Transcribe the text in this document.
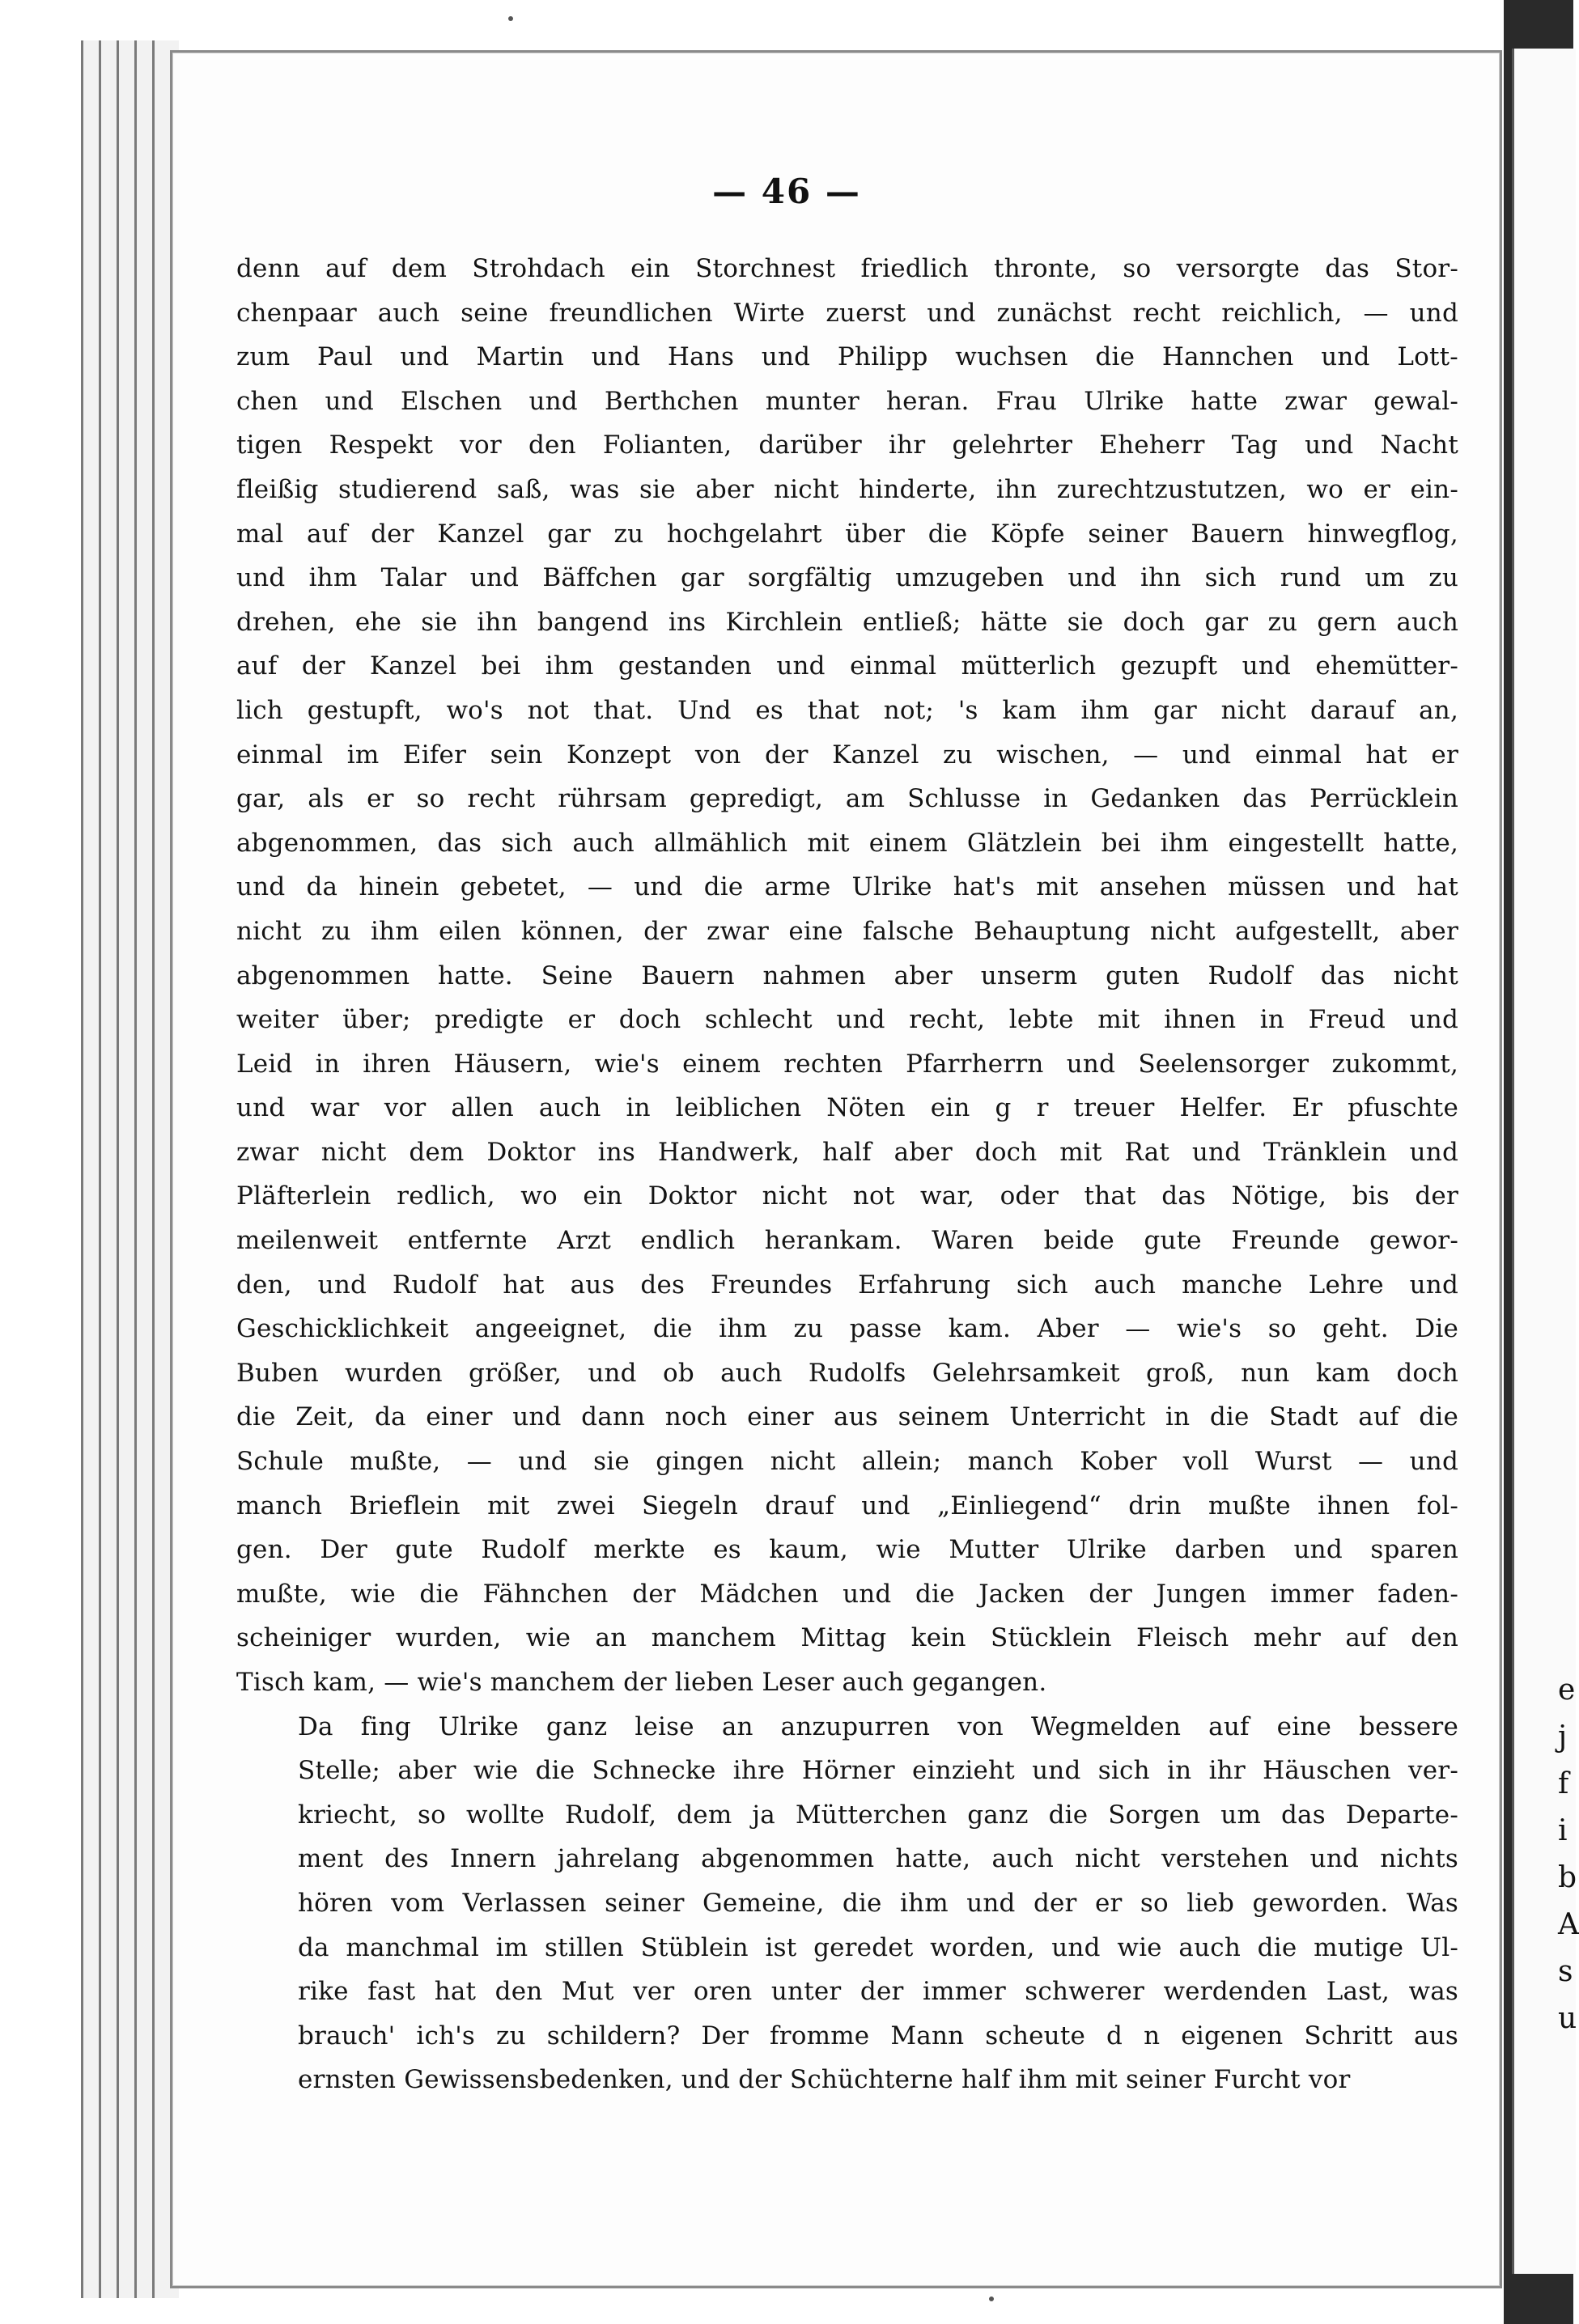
e
j
f
i
b
A
s
u
— 46 —
denn auf dem Strohdach ein Storchnest friedlich thronte, so versorgte das Stor-
chenpaar auch seine freundlichen Wirte zuerst und zunächst recht reichlich, — und
zum Paul und Martin und Hans und Philipp wuchsen die Hannchen und Lott-
chen und Elschen und Berthchen munter heran. Frau Ulrike hatte zwar gewal-
tigen Respekt vor den Folianten, darüber ihr gelehrter Eheherr Tag und Nacht
fleißig studierend saß, was sie aber nicht hinderte, ihn zurechtzustutzen, wo er ein-
mal auf der Kanzel gar zu hochgelahrt über die Köpfe seiner Bauern hinwegflog,
und ihm Talar und Bäffchen gar sorgfältig umzugeben und ihn sich rund um zu
drehen, ehe sie ihn bangend ins Kirchlein entließ; hätte sie doch gar zu gern auch
auf der Kanzel bei ihm gestanden und einmal mütterlich gezupft und ehemütter-
lich gestupft, wo's not that. Und es that not; 's kam ihm gar nicht darauf an,
einmal im Eifer sein Konzept von der Kanzel zu wischen, — und einmal hat er
gar, als er so recht rührsam gepredigt, am Schlusse in Gedanken das Perrücklein
abgenommen, das sich auch allmählich mit einem Glätzlein bei ihm eingestellt hatte,
und da hinein gebetet, — und die arme Ulrike hat's mit ansehen müssen und hat
nicht zu ihm eilen können, der zwar eine falsche Behauptung nicht aufgestellt, aber
abgenommen hatte. Seine Bauern nahmen aber unserm guten Rudolf das nicht
weiter über; predigte er doch schlecht und recht, lebte mit ihnen in Freud und
Leid in ihren Häusern, wie's einem rechten Pfarrherrn und Seelensorger zukommt,
und war vor allen auch in leiblichen Nöten ein g r treuer Helfer. Er pfuschte
zwar nicht dem Doktor ins Handwerk, half aber doch mit Rat und Tränklein und
Pläfterlein redlich, wo ein Doktor nicht not war, oder that das Nötige, bis der
meilenweit entfernte Arzt endlich herankam. Waren beide gute Freunde gewor-
den, und Rudolf hat aus des Freundes Erfahrung sich auch manche Lehre und
Geschicklichkeit angeeignet, die ihm zu passe kam. Aber — wie's so geht. Die
Buben wurden größer, und ob auch Rudolfs Gelehrsamkeit groß, nun kam doch
die Zeit, da einer und dann noch einer aus seinem Unterricht in die Stadt auf die
Schule mußte, — und sie gingen nicht allein; manch Kober voll Wurst — und
manch Brieflein mit zwei Siegeln drauf und „Einliegend“ drin mußte ihnen fol-
gen. Der gute Rudolf merkte es kaum, wie Mutter Ulrike darben und sparen
mußte, wie die Fähnchen der Mädchen und die Jacken der Jungen immer faden-
scheiniger wurden, wie an manchem Mittag kein Stücklein Fleisch mehr auf den
Tisch kam, — wie's manchem der lieben Leser auch gegangen.
Da fing Ulrike ganz leise an anzupurren von Wegmelden auf eine bessere
Stelle; aber wie die Schnecke ihre Hörner einzieht und sich in ihr Häuschen ver-
kriecht, so wollte Rudolf, dem ja Mütterchen ganz die Sorgen um das Departe-
ment des Innern jahrelang abgenommen hatte, auch nicht verstehen und nichts
hören vom Verlassen seiner Gemeine, die ihm und der er so lieb geworden. Was
da manchmal im stillen Stüblein ist geredet worden, und wie auch die mutige Ul-
rike fast hat den Mut ver oren unter der immer schwerer werdenden Last, was
brauch' ich's zu schildern? Der fromme Mann scheute d n eigenen Schritt aus
ernsten Gewissensbedenken, und der Schüchterne half ihm mit seiner Furcht vor
